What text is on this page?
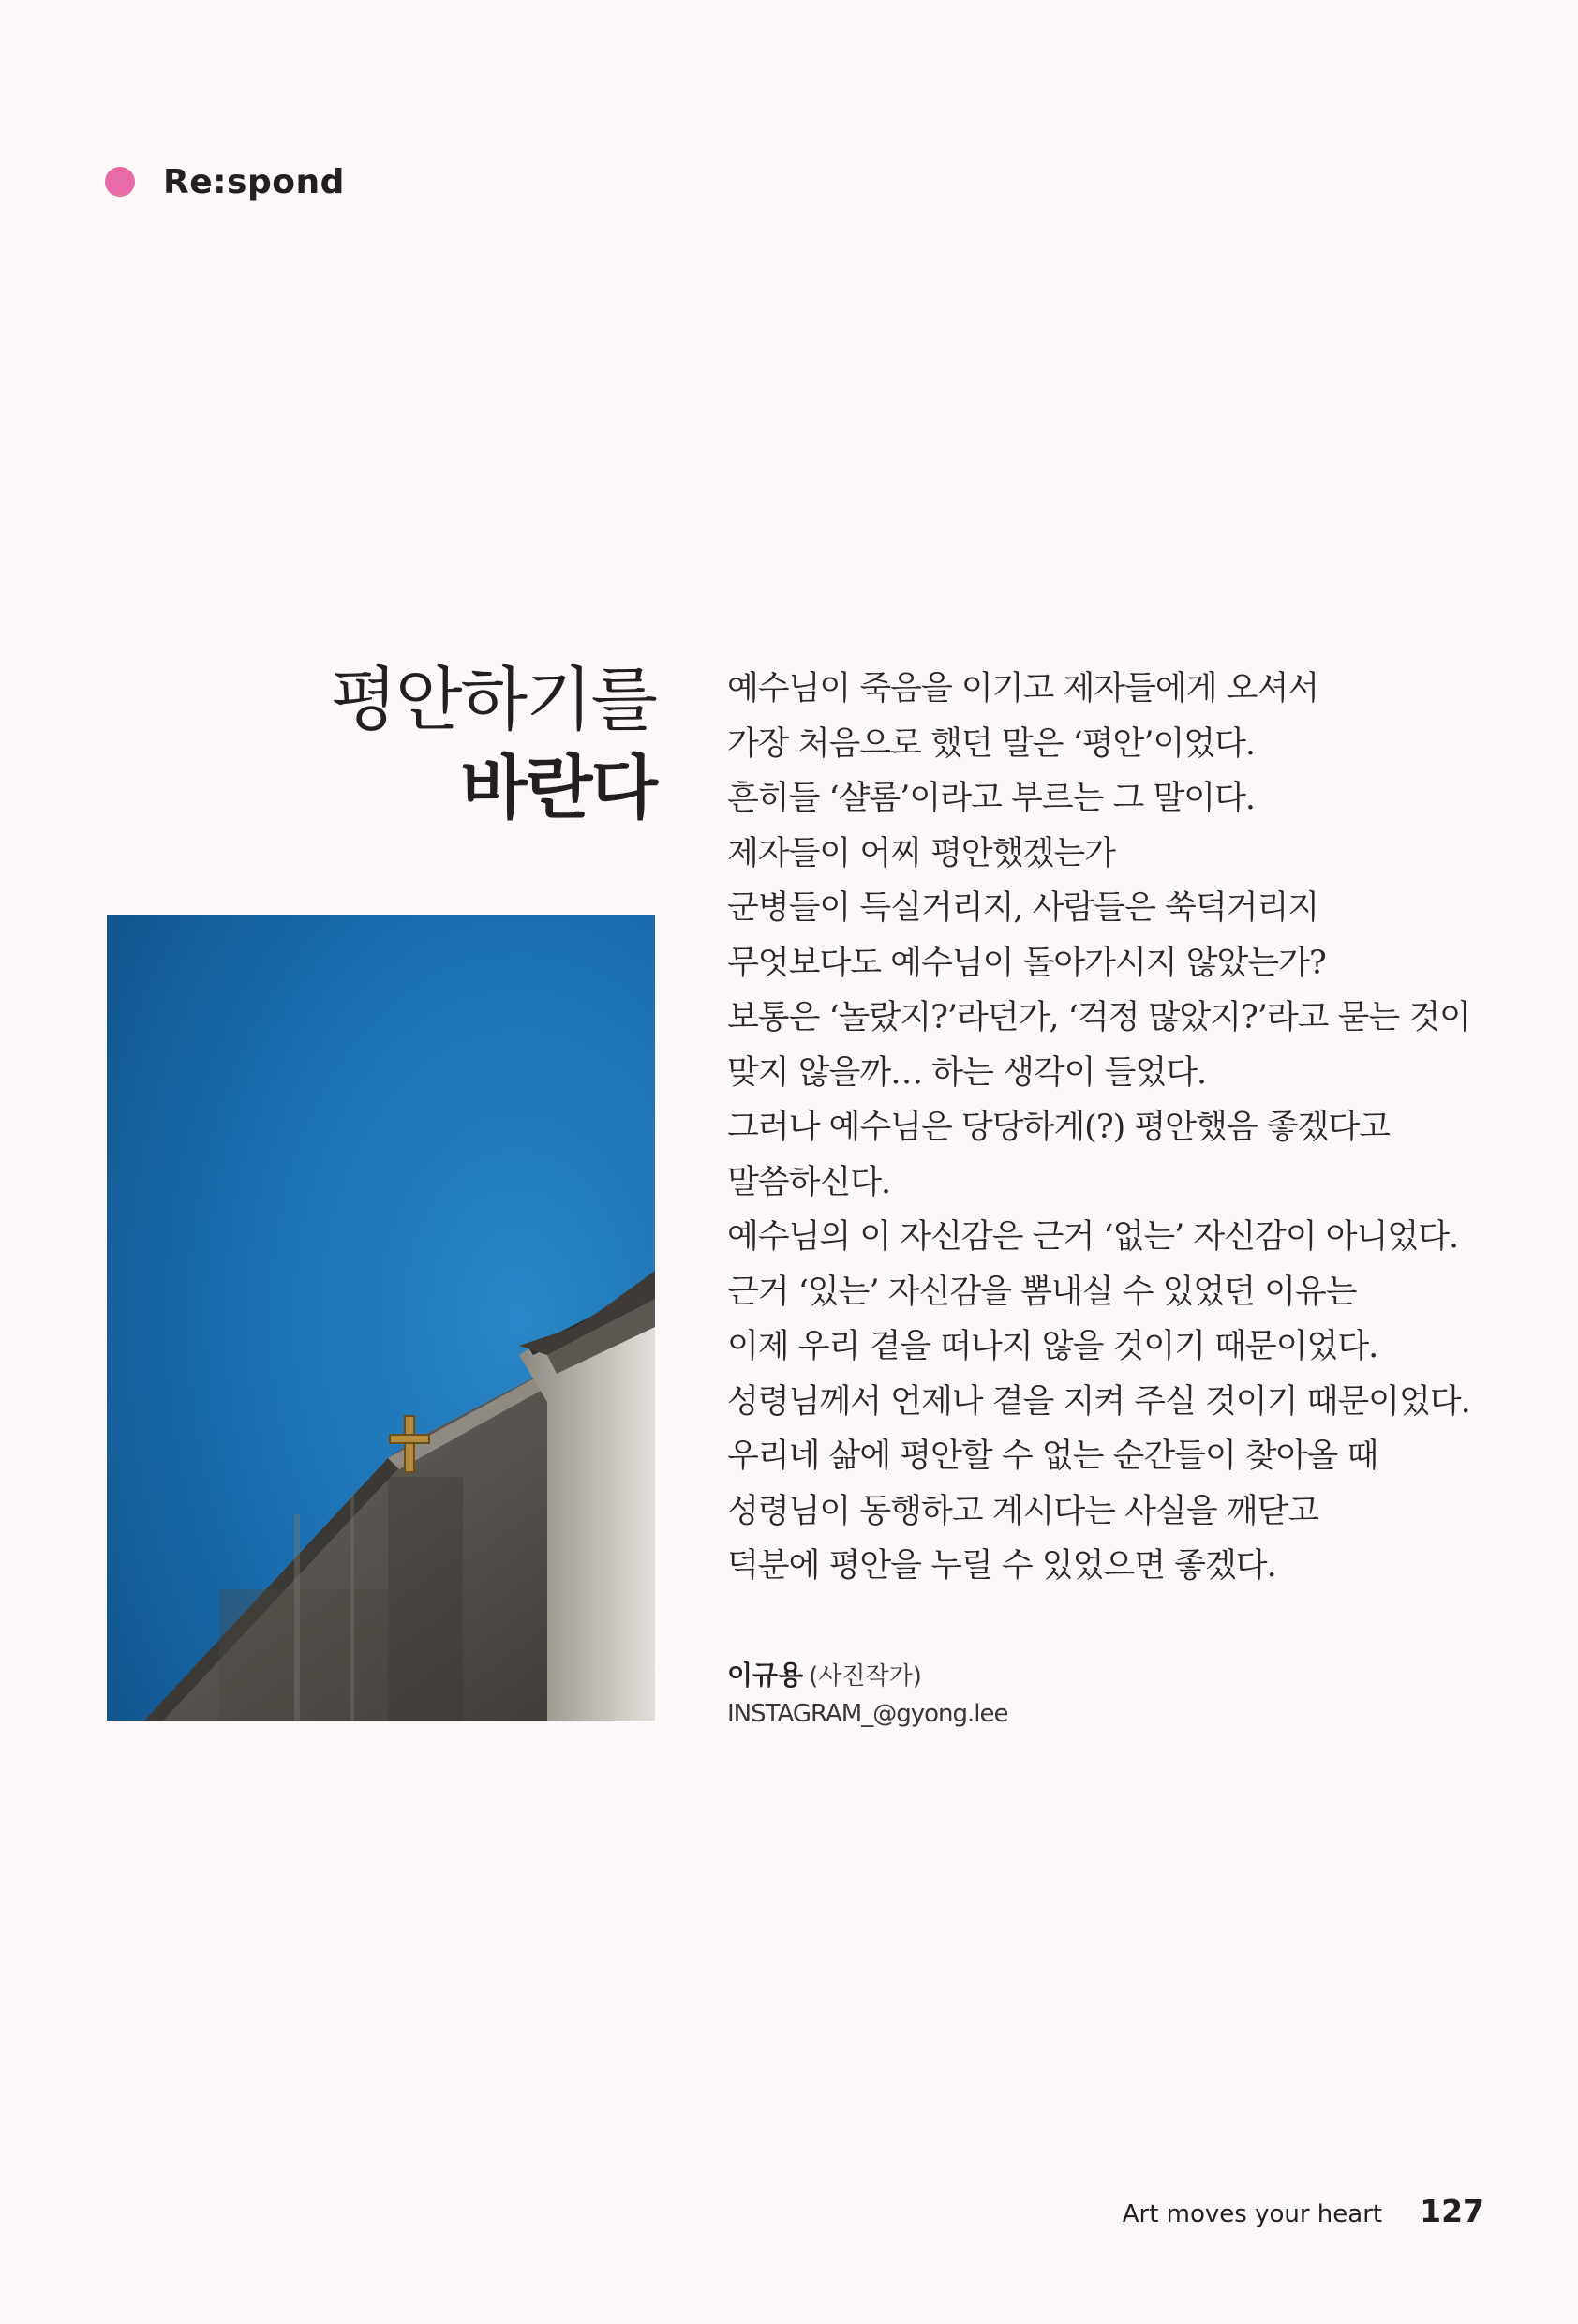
Re:spond
평안하기를
바란다
예수님이 죽음을 이기고 제자들에게 오셔서
가장 처음으로 했던 말은 ‘평안’이었다.
흔히들 ‘샬롬’이라고 부르는 그 말이다.
제자들이 어찌 평안했겠는가
군병들이 득실거리지, 사람들은 쑥덕거리지
무엇보다도 예수님이 돌아가시지 않았는가?
보통은 ‘놀랐지?’라던가, ‘걱정 많았지?’라고 묻는 것이
맞지 않을까… 하는 생각이 들었다.
그러나 예수님은 당당하게(?) 평안했음 좋겠다고
말씀하신다.
예수님의 이 자신감은 근거 ‘없는’ 자신감이 아니었다.
근거 ‘있는’ 자신감을 뽐내실 수 있었던 이유는
이제 우리 곁을 떠나지 않을 것이기 때문이었다.
성령님께서 언제나 곁을 지켜 주실 것이기 때문이었다.
우리네 삶에 평안할 수 없는 순간들이 찾아올 때
성령님이 동행하고 계시다는 사실을 깨닫고
덕분에 평안을 누릴 수 있었으면 좋겠다.
이규용 (사진작가)
INSTAGRAM_@gyong.lee
Art moves your heart 127
